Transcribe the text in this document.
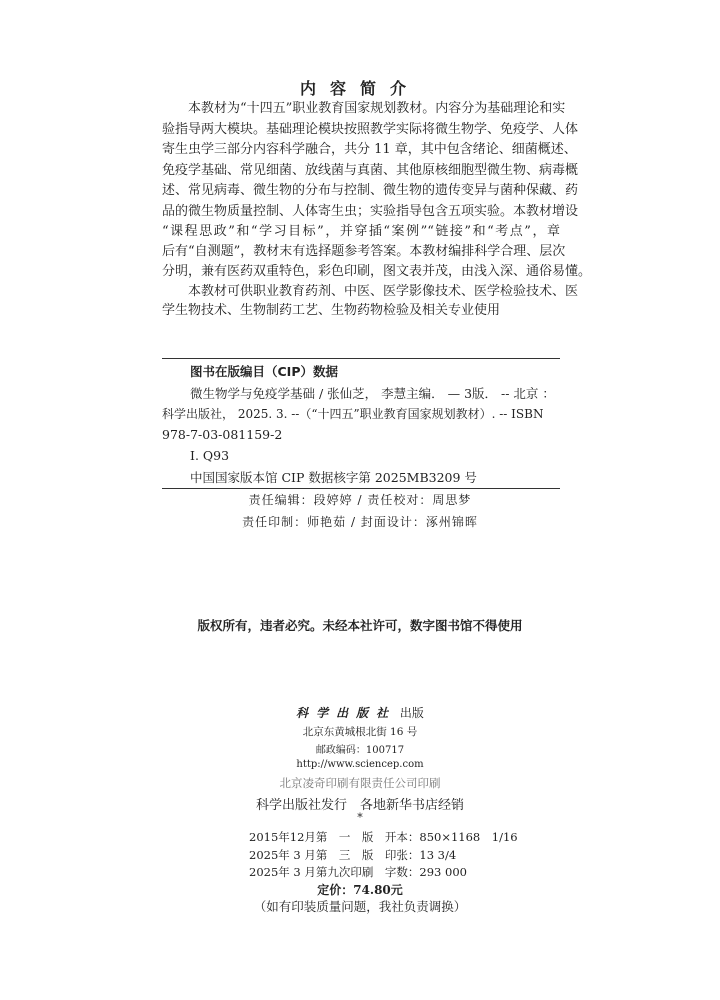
内容简介
　　本教材为“十四五”职业教育国家规划教材。内容分为基础理论和实
验指导两大模块。基础理论模块按照教学实际将微生物学、免疫学、人体
寄生虫学三部分内容科学融合，共分 11 章，其中包含绪论、细菌概述、
免疫学基础、常见细菌、放线菌与真菌、其他原核细胞型微生物、病毒概
述、常见病毒、微生物的分布与控制、微生物的遗传变异与菌种保藏、药
品的微生物质量控制、人体寄生虫；实验指导包含五项实验。本教材增设
“课程思政”和“学习目标”，并穿插“案例”“链接”和“考点”，章
后有“自测题”，教材末有选择题参考答案。本教材编排科学合理、层次
分明，兼有医药双重特色，彩色印刷，图文表并茂，由浅入深、通俗易懂。
　　本教材可供职业教育药剂、中医、医学影像技术、医学检验技术、医
学生物技术、生物制药工艺、生物药物检验及相关专业使用
图书在版编目（CIP）数据
微生物学与免疫学基础 / 张仙芝， 李慧主编． — 3版． -- 北京 ：
科学出版社， 2025. 3. --（“十四五”职业教育国家规划教材）. -- ISBN
978-7-03-081159-2
Ⅰ. Q93
中国国家版本馆 CIP 数据核字第 2025MB3209 号
责任编辑：段婷婷 / 责任校对：周思梦
责任印制：师艳茹 / 封面设计：涿州锦晖
版权所有，违者必究。未经本社许可，数字图书馆不得使用
科学出版社 出版
北京东黄城根北街 16 号
邮政编码：100717
http://www.sciencep.com
北京凌奇印刷有限责任公司印刷
科学出版社发行　各地新华书店经销
*
2015年12月第　一　版　开本：850×1168　1/16
2025年 3 月第　三　版　印张：13 3/4
2025年 3 月第九次印刷　字数：293 000
定价：74.80元
（如有印装质量问题，我社负责调换）
